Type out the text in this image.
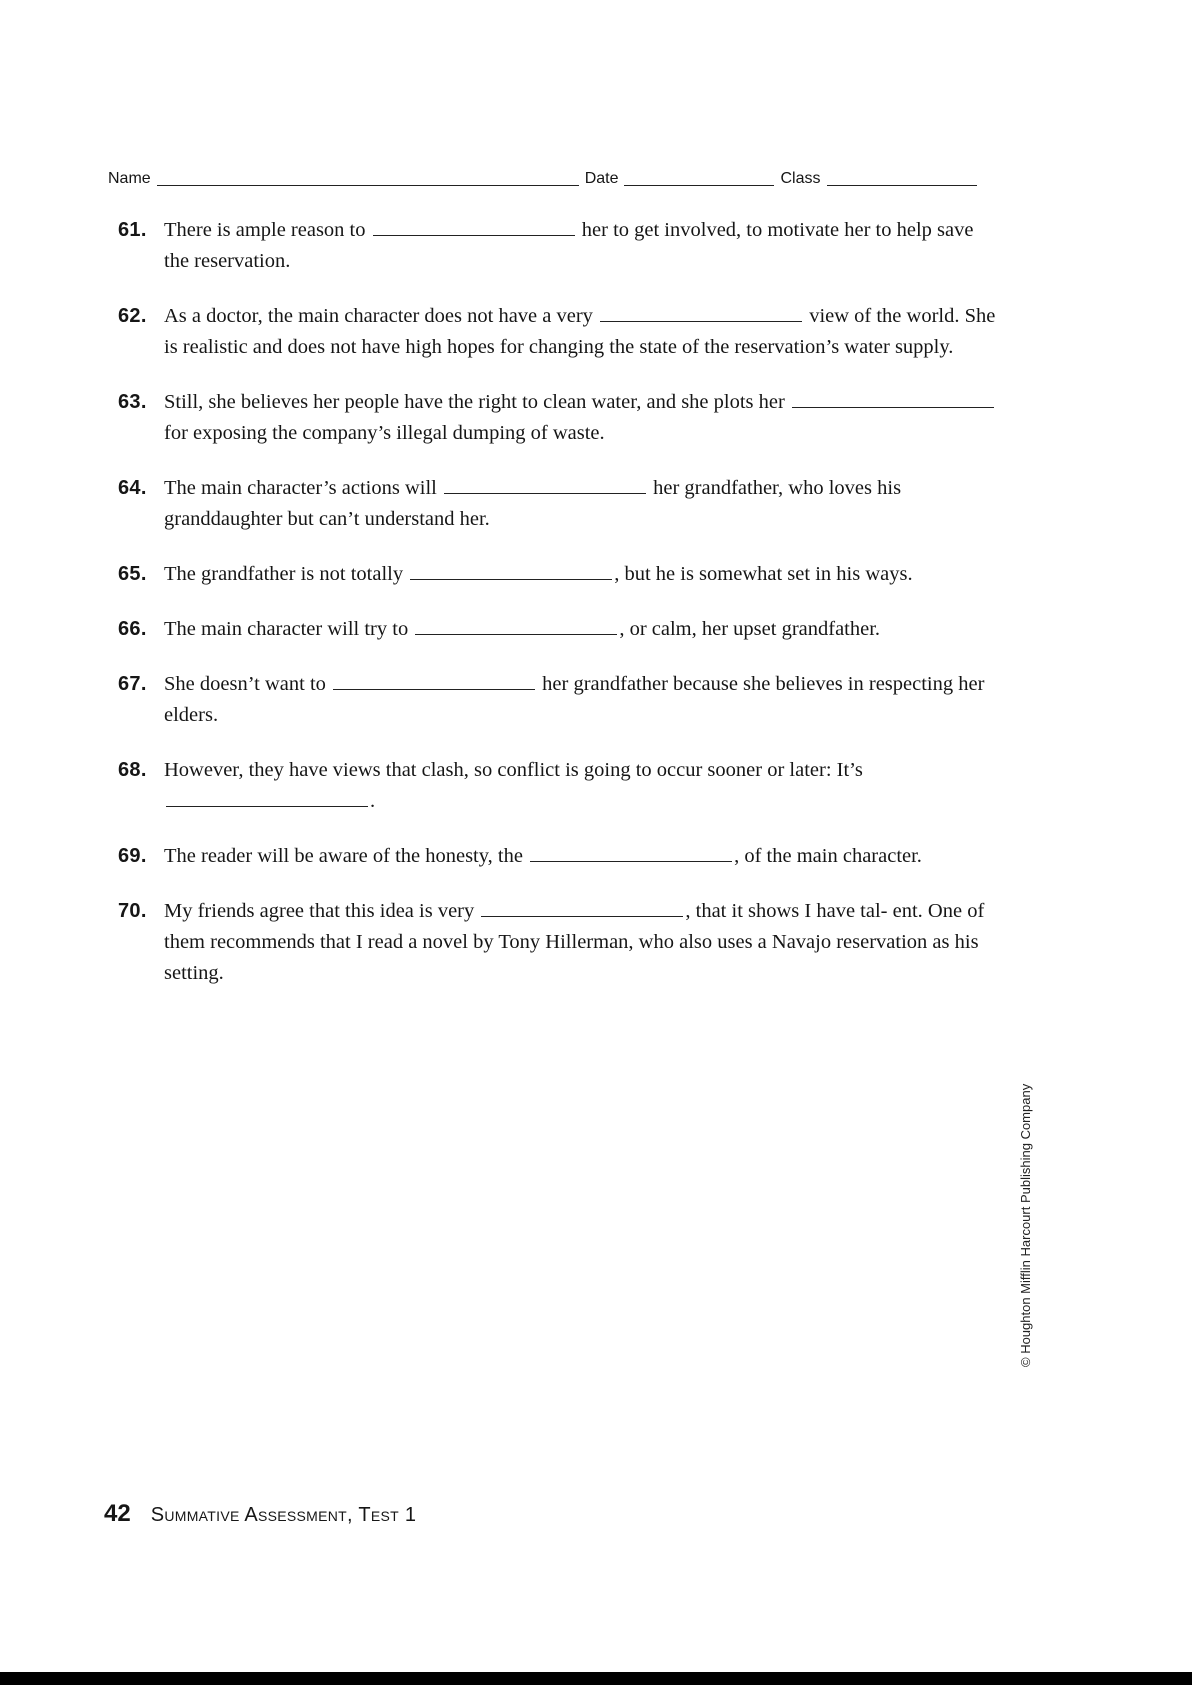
Name	Date	Class

61. There is ample reason to	her to get involved, to motivate her to help save the reservation.

62. As a doctor, the main character does not have a very	view of the world. She is realistic and does not have high hopes for changing the state of the reservation’s water supply.

63. Still, she believes her people have the right to clean water, and she plots her  for exposing the company’s illegal dumping of waste.

64. The main character’s actions will	her grandfather, who loves his granddaughter but can’t understand her.

65. The grandfather is not totally	, but he is somewhat set in his ways.

66. The main character will try to	, or calm, her upset grandfather.

67. She doesn’t want to	her grandfather because she believes in respecting her elders.

68. However, they have views that clash, so conflict is going to occur sooner or later: It’s .

69. The reader will be aware of the honesty, the	, of the main character.

70. My friends agree that this idea is very	, that it shows I have tal- ent. One of them recommends that I read a novel by Tony Hillerman, who also uses a Navajo reservation as his setting.

© Houghton Mifflin Harcourt Publishing Company
42 Summative Assessment, Test 1
